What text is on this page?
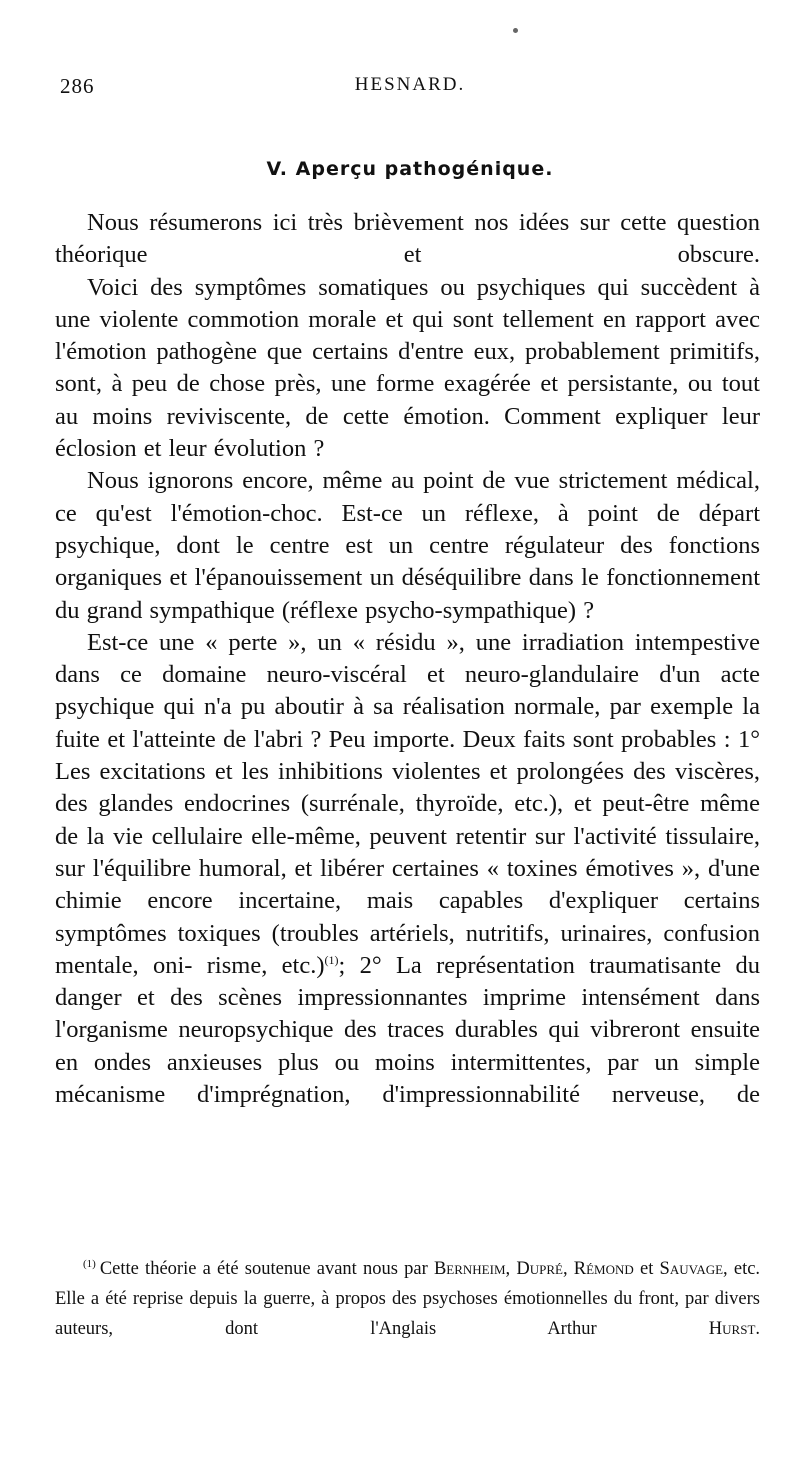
286	HESNARD.
V. Aperçu pathogénique.

Nous résumerons ici très brièvement nos idées sur cette question théorique et obscure.

Voici des symptômes somatiques ou psychiques qui succèdent à une violente commotion morale et qui sont tellement en rapport avec l'émotion pathogène que certains d'entre eux, probablement primitifs, sont, à peu de chose près, une forme exagérée et persistante, ou tout au moins reviviscente, de cette émotion. Comment expliquer leur éclosion et leur évolution ?

Nous ignorons encore, même au point de vue strictement médical, ce qu'est l'émotion-choc. Est-ce un réflexe, à point de départ psychique, dont le centre est un centre régulateur des fonctions organiques et l'épanouissement un déséquilibre dans le fonctionnement du grand sympathique (réflexe psycho-sympathique) ?

Est-ce une « perte », un « résidu », une irradiation intempestive dans ce domaine neuro-viscéral et neuro-glandulaire d'un acte psychique qui n'a pu aboutir à sa réalisation normale, par exemple la fuite et l'atteinte de l'abri ? Peu importe. Deux faits sont probables : 1° Les excitations et les inhibitions violentes et prolongées des viscères, des glandes endocrines (surrénale, thyroïde, etc.), et peut-être même de la vie cellulaire elle-même, peuvent retentir sur l'activité tissulaire, sur l'équilibre humoral, et libérer certaines « toxines émotives », d'une chimie encore incertaine, mais capables d'expliquer certains symptômes toxiques (troubles artériels, nutritifs, urinaires, confusion mentale, oni- risme, etc.)$^{(1)}$; 2° La représentation traumatisante du danger et des scènes impressionnantes imprime intensément dans l'organisme neuropsychique des traces durables qui vibreront ensuite en ondes anxieuses plus ou moins intermittentes, par un simple mécanisme d'imprégnation, d'impressionnabilité nerveuse, de

$^{(1)}$ Cette théorie a été soutenue avant nous par Bernheim, Dupré, Rémond et Sauvage, etc. Elle a été reprise depuis la guerre, à propos des psychoses émotionnelles du front, par divers auteurs, dont l'Anglais Arthur	Hurst.
